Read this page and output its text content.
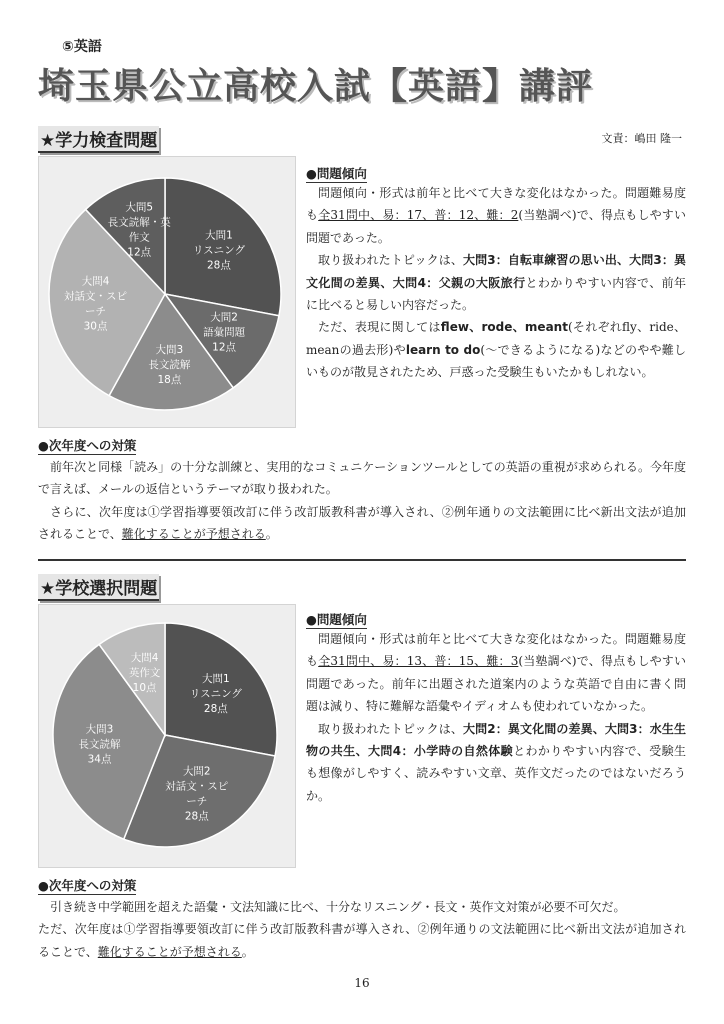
⑤英語
埼玉県公立高校入試【英語】講評
★学力検査問題	文責：嶋田 隆一
大問1 リスニング 28点
大問2 語彙問題 12点
大問3 長文読解 18点
大問4 対話文・スピーチ 30点
大問5 長文読解・英作文 12点
●問題傾向

問題傾向・形式は前年と比べて大きな変化はなかった。問題難易度も全31問中、易：17、普：12、難：2(当塾調べ)で、得点もしやすい問題であった。

取り扱われたトピックは、大問3：自転車練習の思い出、大問3：異文化間の差異、大問4：父親の大阪旅行とわかりやすい内容で、前年に比べると易しい内容だった。

ただ、表現に関してはflew、rode、meant(それぞれfly、ride、meanの過去形)やlearn to do(～できるようになる)などのやや難しいものが散見されたため、戸惑った受験生もいたかもしれない。

●次年度への対策

前年次と同様「読み」の十分な訓練と、実用的なコミュニケーションツールとしての英語の重視が求められる。今年度で言えば、メールの返信というテーマが取り扱われた。

さらに、次年度は①学習指導要領改訂に伴う改訂版教科書が導入され、②例年通りの文法範囲に比べ新出文法が追加されることで、難化することが予想される。

★学校選択問題
大問1 リスニング 28点
大問2 対話文・スピーチ 28点
大問3 長文読解 34点
大問4 英作文 10点
●問題傾向

問題傾向・形式は前年と比べて大きな変化はなかった。問題難易度も全31問中、易：13、普：15、難：3(当塾調べ)で、得点もしやすい問題であった。前年に出題された道案内のような英語で自由に書く問題は減り、特に難解な語彙やイディオムも使われていなかった。

取り扱われたトピックは、大問2：異文化間の差異、大問3：水生生物の共生、大問4：小学時の自然体験とわかりやすい内容で、受験生も想像がしやすく、読みやすい文章、英作文だったのではないだろうか。

●次年度への対策

引き続き中学範囲を超えた語彙・文法知識に比べ、十分なリスニング・長文・英作文対策が必要不可欠だ。

ただ、次年度は①学習指導要領改訂に伴う改訂版教科書が導入され、②例年通りの文法範囲に比べ新出文法が追加されることで、難化することが予想される。

16
